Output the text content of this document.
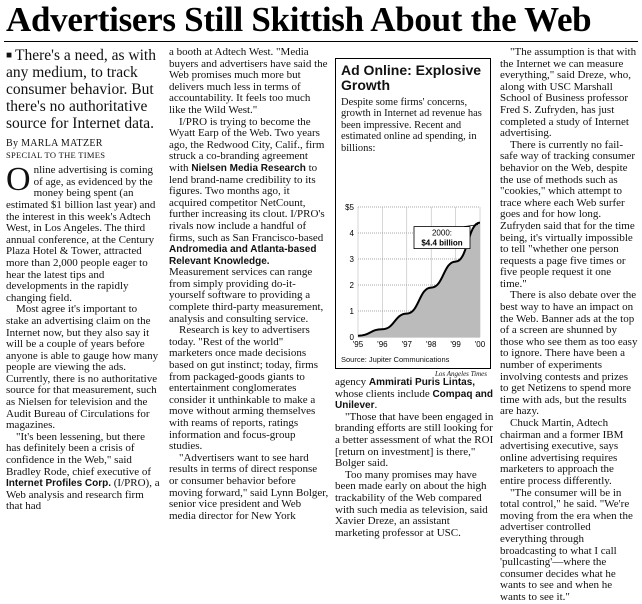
Advertisers Still Skittish About the Web

■ There's a need, as with any medium, to track consumer behavior. But there's no authoritative source for Internet data.

By MARLA MATZER
SPECIAL TO THE TIMES

Online advertising is coming of age, as evidenced by the money being spent (an estimated $1 billion last year) and the interest in this week's Adtech West, in Los Angeles. The third annual conference, at the Century Plaza Hotel & Tower, attracted more than 2,000 people eager to hear the latest tips and developments in the rapidly changing field.

Most agree it's important to stake an advertising claim on the Internet now, but they also say it will be a couple of years before anyone is able to gauge how many people are viewing the ads. Currently, there is no authoritative source for that measurement, such as Nielsen for television and the Audit Bureau of Circulations for magazines.

"It's been lessening, but there has definitely been a crisis of confidence in the Web," said Bradley Rode, chief executive of Internet Profiles Corp. (I/PRO), a Web analysis and research firm that had

a booth at Adtech West. "Media buyers and advertisers have said the Web promises much more but delivers much less in terms of accountability. It feels too much like the Wild West."

I/PRO is trying to become the Wyatt Earp of the Web. Two years ago, the Redwood City, Calif., firm struck a co-branding agreement with Nielsen Media Research to lend brand-name credibility to its figures. Two months ago, it acquired competitor NetCount, further increasing its clout. I/PRO's rivals now include a handful of firms, such as San Francisco-based Andromedia and Atlanta-based Relevant Knowledge. Measurement services can range from simply providing do-it-yourself software to providing a complete third-party measurement, analysis and consulting service.

Research is key to advertisers today. "Rest of the world" marketers once made decisions based on gut instinct; today, firms from packaged-goods giants to entertainment conglomerates consider it unthinkable to make a move without arming themselves with reams of reports, ratings information and focus-group studies.

"Advertisers want to see hard results in terms of direct response or consumer behavior before moving forward," said Lynn Bolger, senior vice president and Web media director for New York

Ad Online: Explosive Growth
Despite some firms' concerns, growth in Internet ad revenue has been impressive. Recent and estimated online ad spending, in billions:
0
1
2
3
4
$5
'95 '96 '97 '98 '99 '00
2000:
$4.4 billion
Source: Jupiter Communications
Los Angeles Times

agency Ammirati Puris Lintas, whose clients include Compaq and Unilever.

"Those that have been engaged in branding efforts are still looking for a better assessment of what the ROI [return on investment] is there," Bolger said.

Too many promises may have been made early on about the high trackability of the Web compared with such media as television, said Xavier Dreze, an assistant marketing professor at USC.

"The assumption is that with the Internet we can measure everything," said Dreze, who, along with USC Marshall School of Business professor Fred S. Zufryden, has just completed a study of Internet advertising.

There is currently no fail-safe way of tracking consumer behavior on the Web, despite the use of methods such as "cookies," which attempt to trace where each Web surfer goes and for how long. Zufryden said that for the time being, it's virtually impossible to tell "whether one person requests a page five times or five people request it one time."

There is also debate over the best way to have an impact on the Web. Banner ads at the top of a screen are shunned by those who see them as too easy to ignore. There have been a number of experiments involving contests and prizes to get Netizens to spend more time with ads, but the results are hazy.

Chuck Martin, Adtech chairman and a former IBM advertising executive, says online advertising requires marketers to approach the entire process differently.

"The consumer will be in total control," he said. "We're moving from the era when the advertiser controlled everything through broadcasting to what I call 'pullcasting'—where the consumer decides what he wants to see and when he wants to see it."
